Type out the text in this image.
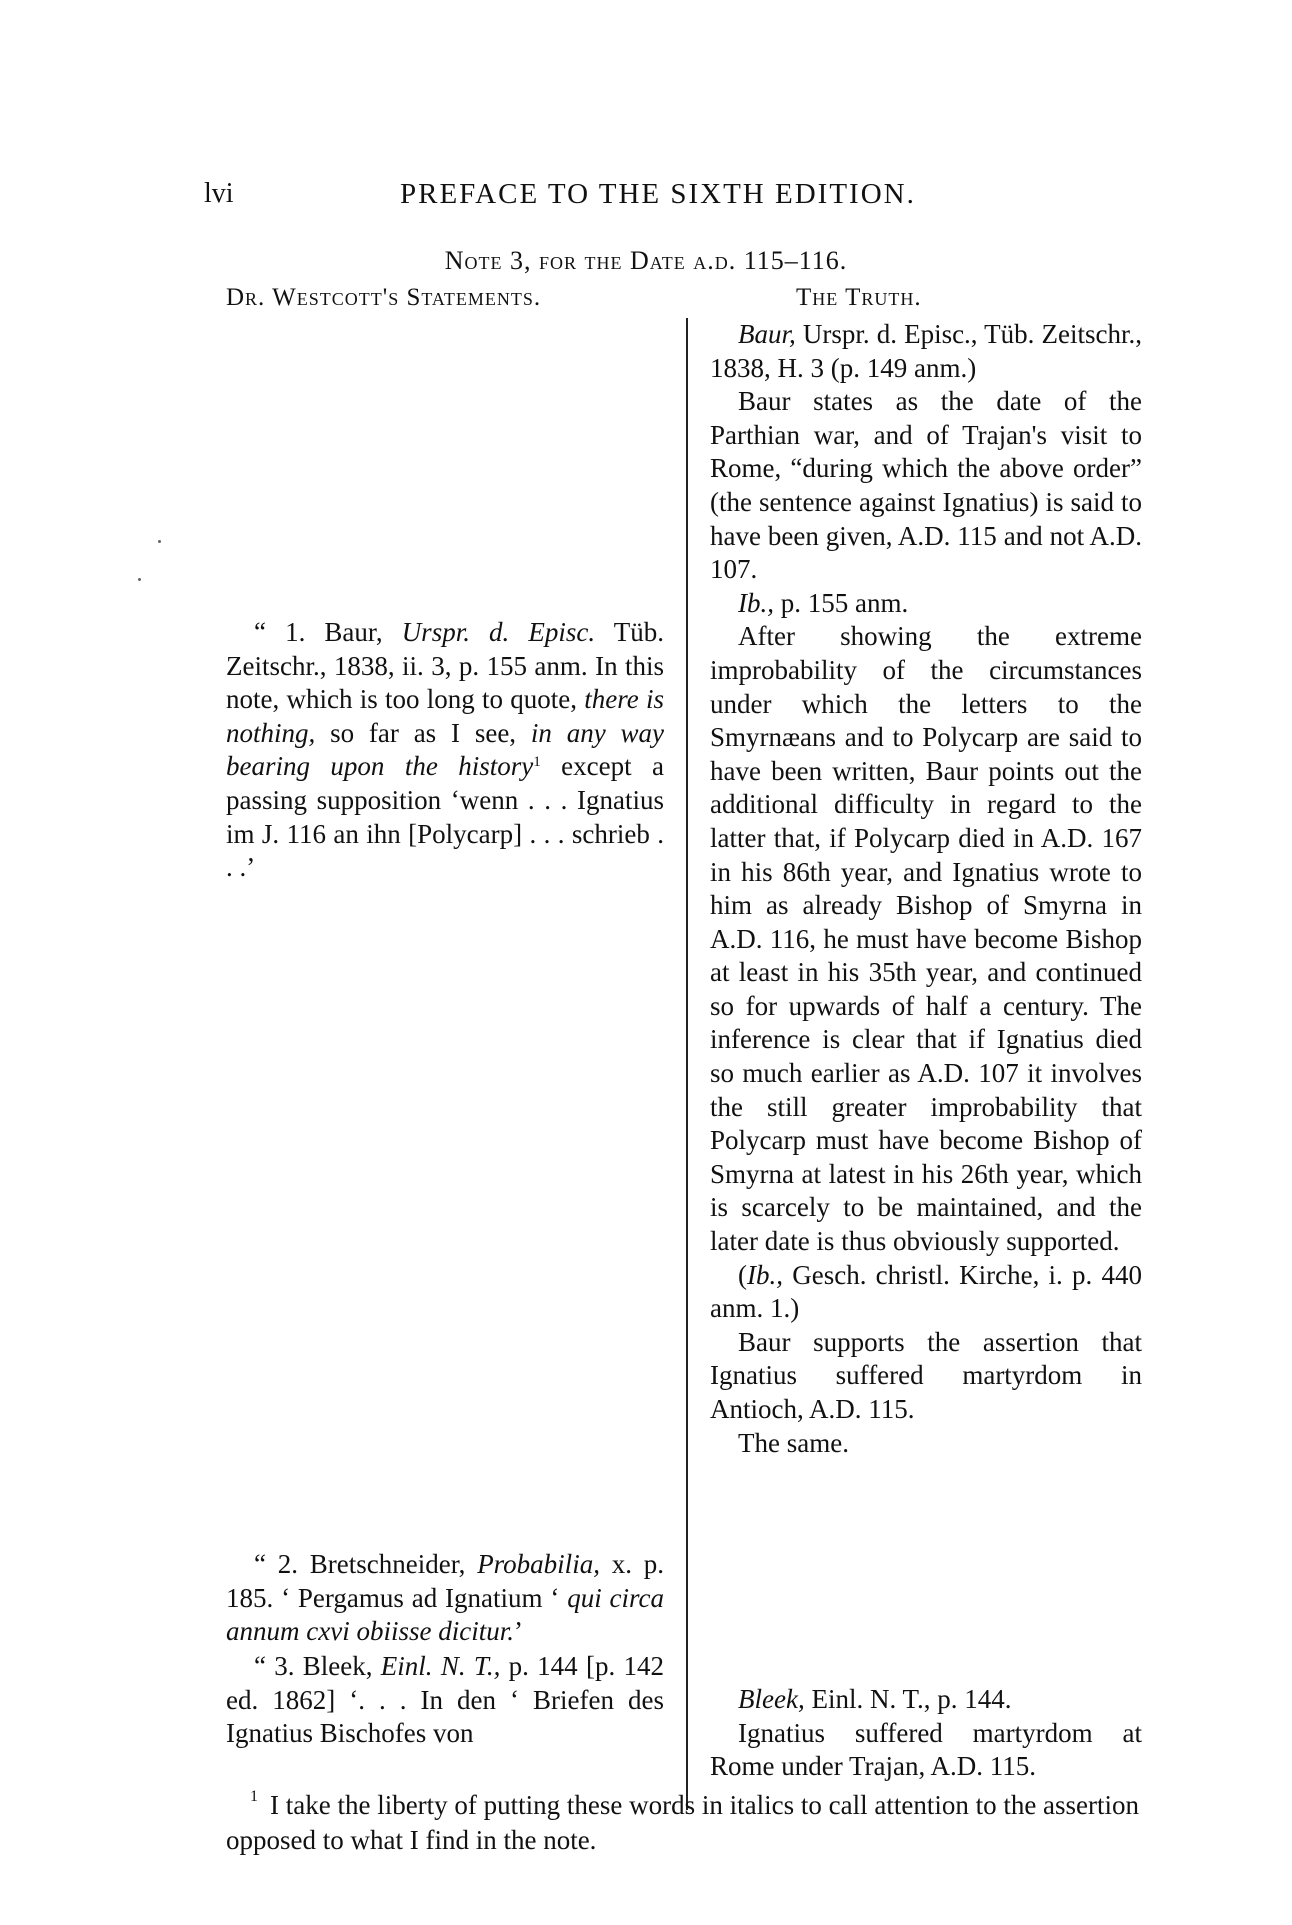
lvi	PREFACE TO THE SIXTH EDITION.
Note 3, for the Date a.d. 115–116.
Dr. Westcott's Statements.	The Truth.

“ 1. Baur, Urspr. d. Episc. Tüb. Zeitschr., 1838, ii. 3, p. 155 anm. In this note, which is too long to quote, there is nothing, so far as I see, in any way bearing upon the history$^1$ except a passing supposition ‘wenn . . . Ignatius im J. 116 an ihn [Polycarp] . . . schrieb . . .’

“ 2. Bretschneider, Probabilia, x. p. 185. ‘ Pergamus ad Ignatium ‘ qui circa annum cxvi obiisse dicitur.’

“ 3. Bleek, Einl. N. T., p. 144 [p. 142 ed. 1862] ‘. . . In den ‘ Briefen des Ignatius Bischofes von

Baur, Urspr. d. Episc., Tüb. Zeitschr., 1838, H. 3 (p. 149 anm.)

Baur states as the date of the Parthian war, and of Trajan's visit to Rome, “during which the above order” (the sentence against Ignatius) is said to have been given, A.D. 115 and not A.D. 107.

Ib., p. 155 anm.

After showing the extreme improbability of the circumstances under which the letters to the Smyrnæans and to Polycarp are said to have been written, Baur points out the additional difficulty in regard to the latter that, if Polycarp died in A.D. 167 in his 86th year, and Ignatius wrote to him as already Bishop of Smyrna in A.D. 116, he must have become Bishop at least in his 35th year, and continued so for upwards of half a century. The inference is clear that if Ignatius died so much earlier as A.D. 107 it involves the still greater improbability that Polycarp must have become Bishop of Smyrna at latest in his 26th year, which is scarcely to be maintained, and the later date is thus obviously supported.

(Ib., Gesch. christl. Kirche, i. p. 440 anm. 1.)

Baur supports the assertion that Ignatius suffered martyrdom in Antioch, A.D. 115.

The same.

Bleek, Einl. N. T., p. 144.

Ignatius suffered martyrdom at Rome under Trajan, A.D. 115.

1 I take the liberty of putting these words in italics to call attention to the assertion opposed to what I find in the note.
